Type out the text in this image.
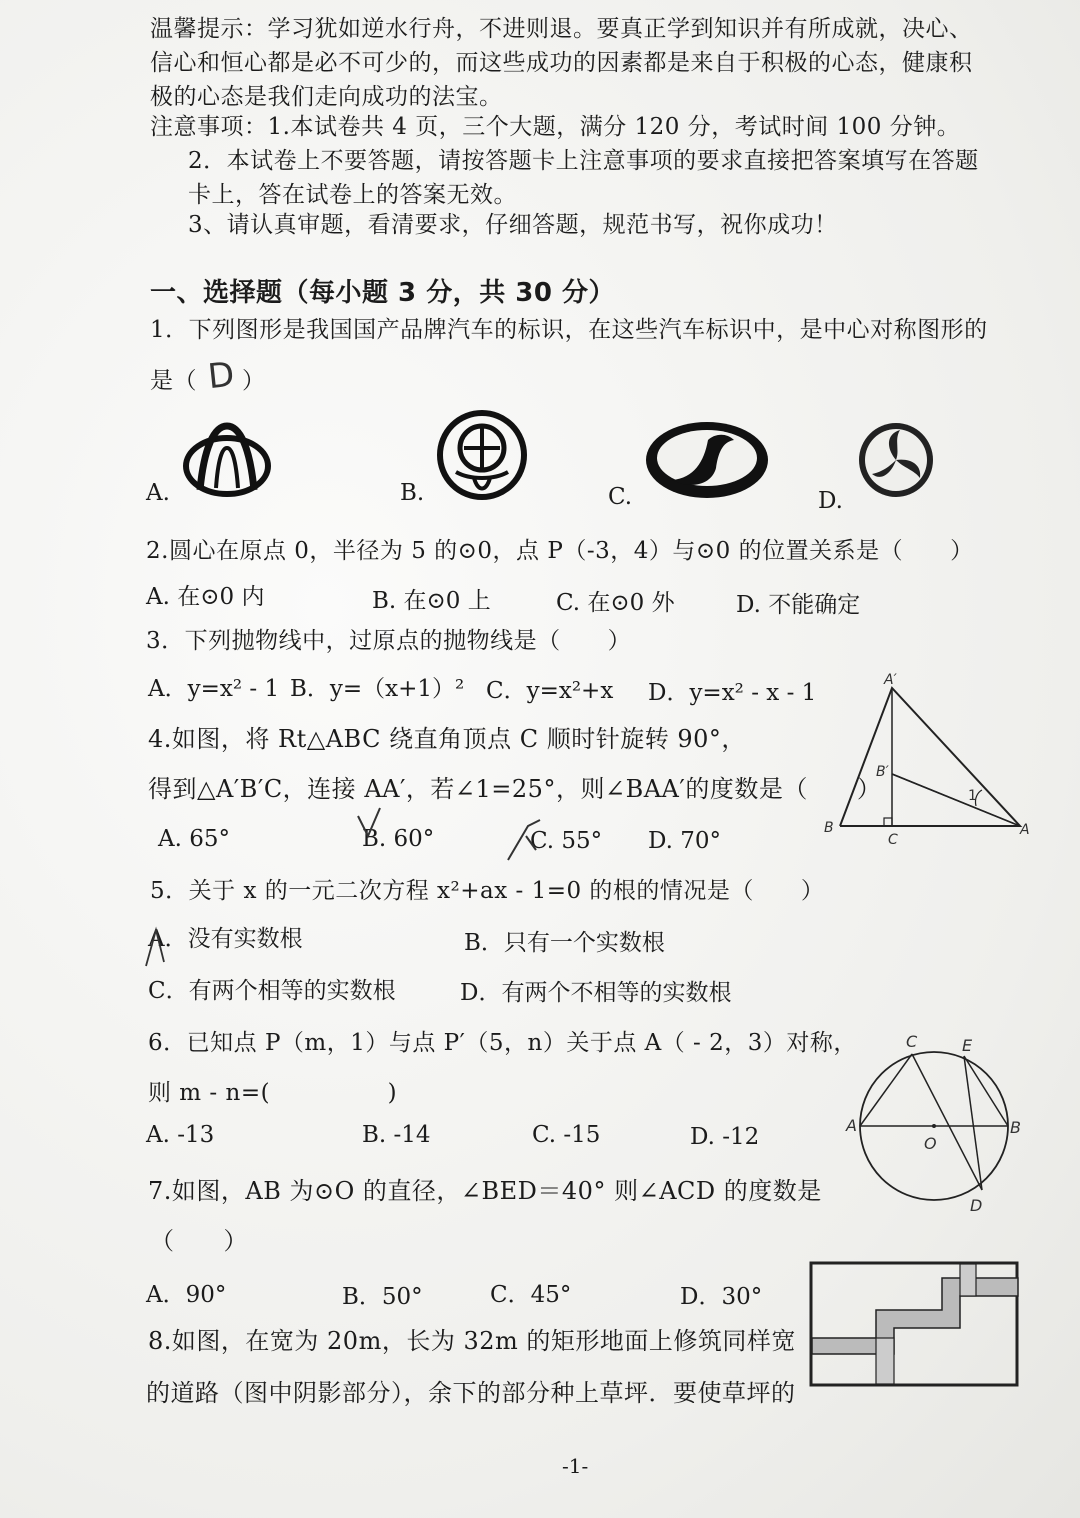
温馨提示：学习犹如逆水行舟，不进则退。要真正学到知识并有所成就，决心、
信心和恒心都是必不可少的，而这些成功的因素都是来自于积极的心态，健康积
极的心态是我们走向成功的法宝。
注意事项：1.本试卷共 4 页，三个大题，满分 120 分，考试时间 100 分钟。
2．本试卷上不要答题，请按答题卡上注意事项的要求直接把答案填写在答题
卡上，答在试卷上的答案无效。
3、请认真审题，看清要求，仔细答题，规范书写，祝你成功！
一、选择题（每小题 3 分，共 30 分）
1．下列图形是我国国产品牌汽车的标识，在这些汽车标识中，是中心对称图形的
是（ D ）
A.	B.	C.	D.
2.圆心在原点 0，半径为 5 的⊙0，点 P（-3，4）与⊙0 的位置关系是（　　）
A. 在⊙0 内	B. 在⊙0 上	C. 在⊙0 外	D. 不能确定
3．下列抛物线中，过原点的抛物线是（　　）
A．y=x² - 1 B．y=（x+1）² C．y=x²+x D．y=x² - x - 1
4.如图，将 Rt△ABC 绕直角顶点 C 顺时针旋转 90°，
得到△A′B′C，连接 AA′，若∠1=25°，则∠BAA′的度数是（　　）
A. 65°	B. 60°	C. 55° D. 70°
A′
B′
1
B
C
A
5．关于 x 的一元二次方程 x²+ax - 1=0 的根的情况是（　　）
A．没有实数根	B．只有一个实数根
C．有两个相等的实数根	D．有两个不相等的实数根
6．已知点 P（m，1）与点 P′（5，n）关于点 A（ - 2，3）对称，
则 m - n=(　　　　　)
A. -13	B. -14	C. -15	D. -12
C	E
A
O
B
D
7.如图，AB 为⊙O 的直径，∠BED＝40° 则∠ACD 的度数是
（　　）
A．90°	B．50°	C．45°	D．30°
8.如图，在宽为 20m，长为 32m 的矩形地面上修筑同样宽
的道路（图中阴影部分），余下的部分种上草坪．要使草坪的
-1-
